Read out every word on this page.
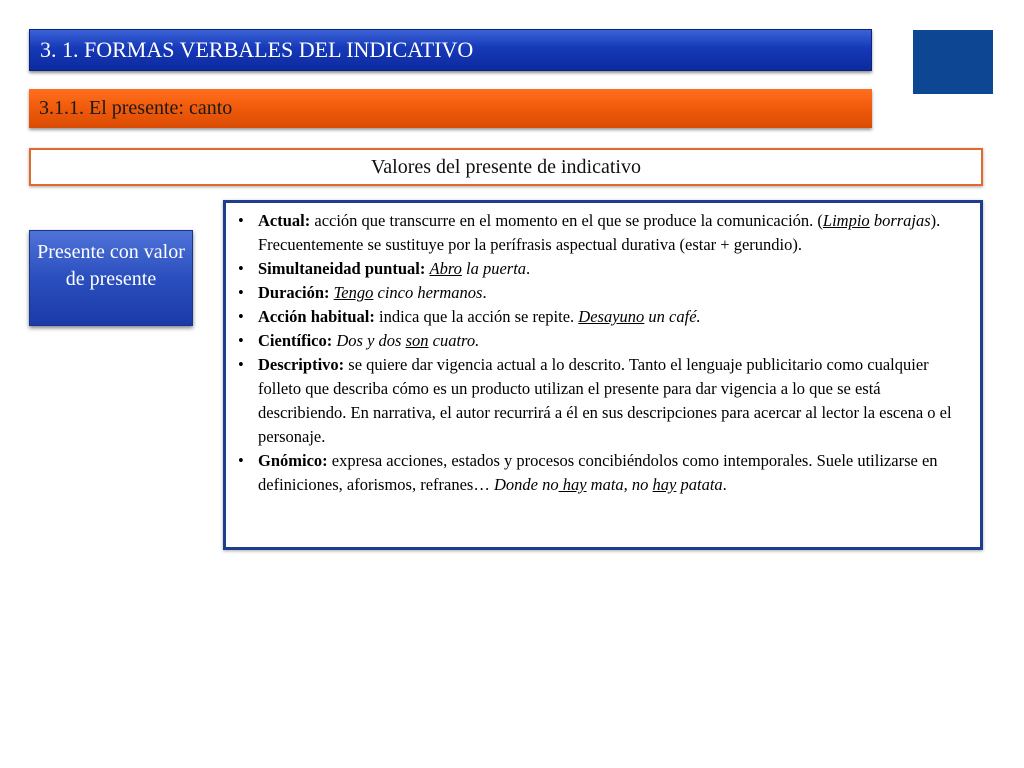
3. 1. FORMAS VERBALES DEL INDICATIVO
3.1.1. El presente: canto
Valores del presente de indicativo
Presente con valor de presente
• Actual: acción que transcurre en el momento en el que se produce la comunicación. (Limpio borrajas). Frecuentemente se sustituye por la perífrasis aspectual durativa (estar + gerundio).
• Simultaneidad puntual: Abro la puerta.
• Duración: Tengo cinco hermanos.
• Acción habitual: indica que la acción se repite. Desayuno un café.
• Científico: Dos y dos son cuatro.
• Descriptivo: se quiere dar vigencia actual a lo descrito. Tanto el lenguaje publicitario como cualquier folleto que describa cómo es un producto utilizan el presente para dar vigencia a lo que se está describiendo. En narrativa, el autor recurrirá a él en sus descripciones para acercar al lector la escena o el personaje.
• Gnómico: expresa acciones, estados y procesos concibiéndolos como intemporales. Suele utilizarse en definiciones, aforismos, refranes… Donde no hay mata, no hay patata.
